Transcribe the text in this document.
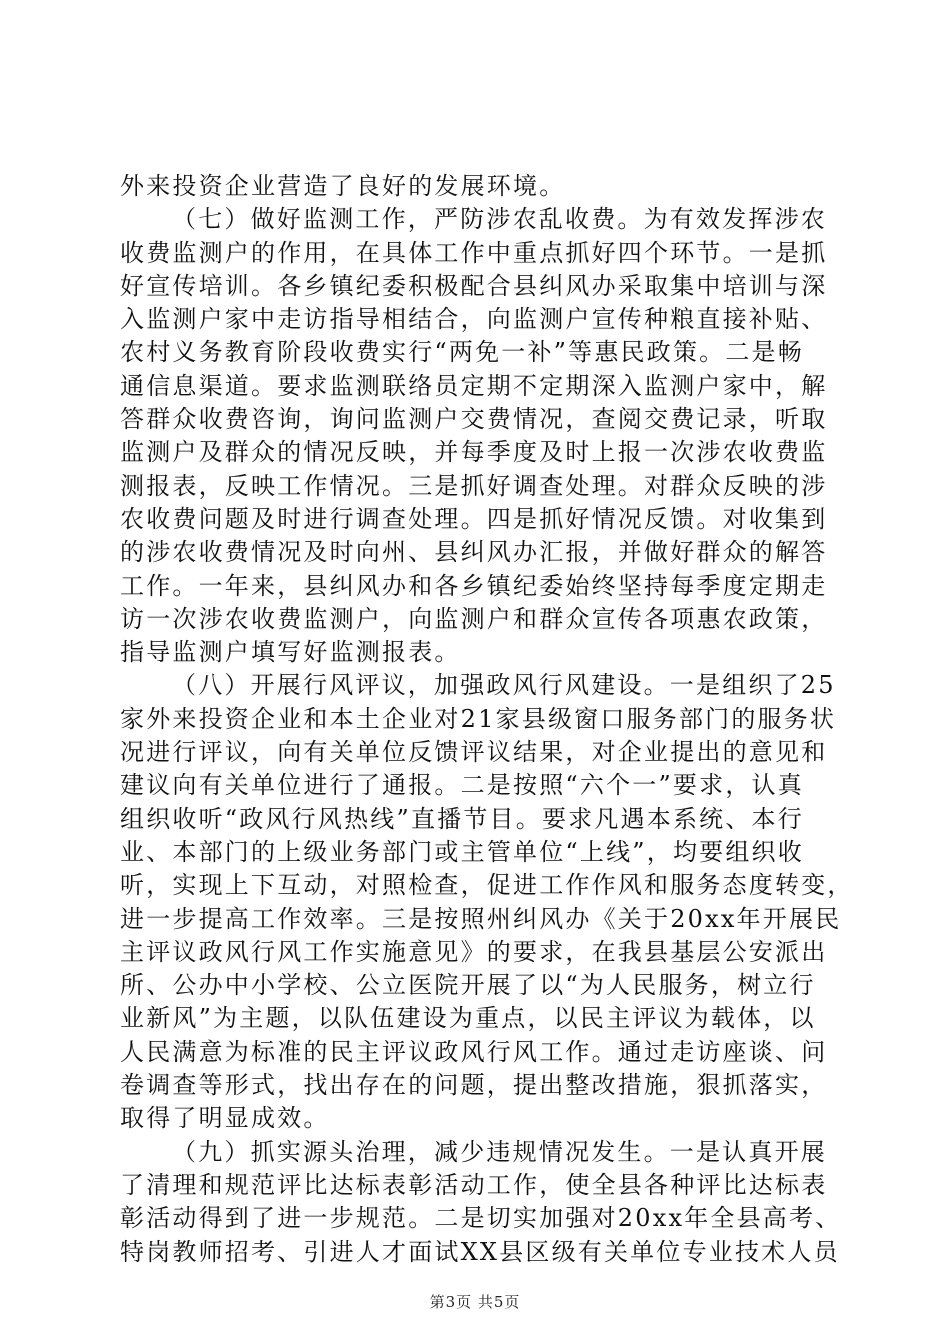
外来投资企业营造了良好的发展环境。
（七）做好监测工作，严防涉农乱收费。为有效发挥涉农
收费监测户的作用，在具体工作中重点抓好四个环节。一是抓
好宣传培训。各乡镇纪委积极配合县纠风办采取集中培训与深
入监测户家中走访指导相结合，向监测户宣传种粮直接补贴、
农村义务教育阶段收费实行“两免一补”等惠民政策。二是畅
通信息渠道。要求监测联络员定期不定期深入监测户家中，解
答群众收费咨询，询问监测户交费情况，查阅交费记录，听取
监测户及群众的情况反映，并每季度及时上报一次涉农收费监
测报表，反映工作情况。三是抓好调查处理。对群众反映的涉
农收费问题及时进行调查处理。四是抓好情况反馈。对收集到
的涉农收费情况及时向州、县纠风办汇报，并做好群众的解答
工作。一年来，县纠风办和各乡镇纪委始终坚持每季度定期走
访一次涉农收费监测户，向监测户和群众宣传各项惠农政策，
指导监测户填写好监测报表。
（八）开展行风评议，加强政风行风建设。一是组织了25
家外来投资企业和本土企业对21家县级窗口服务部门的服务状
况进行评议，向有关单位反馈评议结果，对企业提出的意见和
建议向有关单位进行了通报。二是按照“六个一”要求，认真
组织收听“政风行风热线”直播节目。要求凡遇本系统、本行
业、本部门的上级业务部门或主管单位“上线”，均要组织收
听，实现上下互动，对照检查，促进工作作风和服务态度转变，
进一步提高工作效率。三是按照州纠风办《关于20xx年开展民
主评议政风行风工作实施意见》的要求，在我县基层公安派出
所、公办中小学校、公立医院开展了以“为人民服务，树立行
业新风”为主题，以队伍建设为重点，以民主评议为载体，以
人民满意为标准的民主评议政风行风工作。通过走访座谈、问
卷调查等形式，找出存在的问题，提出整改措施，狠抓落实，
取得了明显成效。
（九）抓实源头治理，减少违规情况发生。一是认真开展
了清理和规范评比达标表彰活动工作，使全县各种评比达标表
彰活动得到了进一步规范。二是切实加强对20xx年全县高考、
特岗教师招考、引进人才面试XX县区级有关单位专业技术人员
第3页 共5页
